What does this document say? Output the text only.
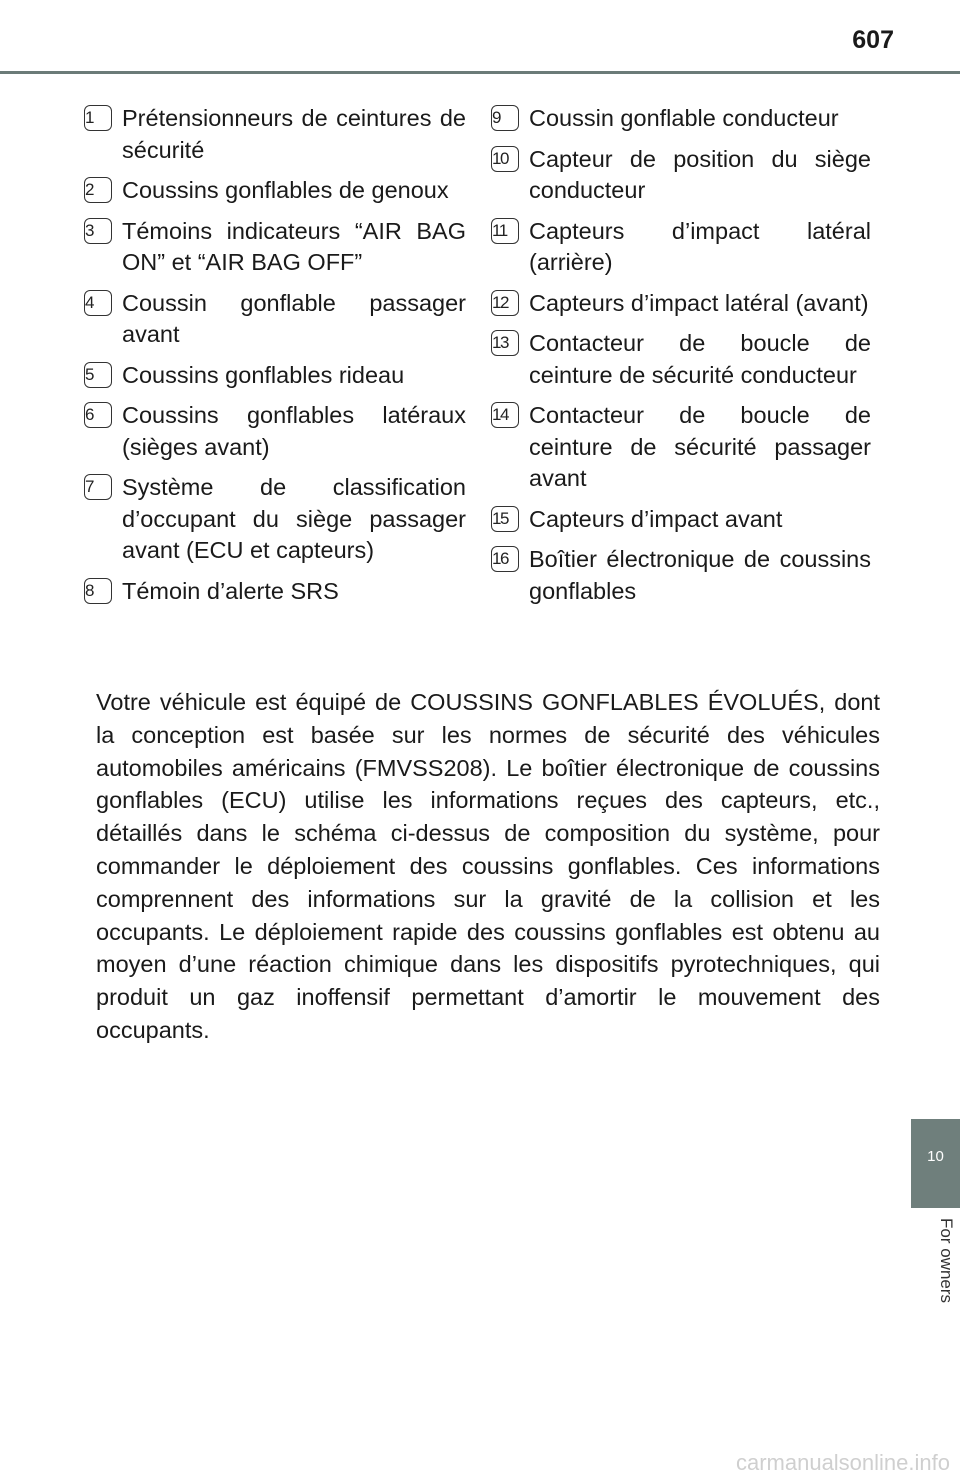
607
1	Prétensionneurs de ceintures de sécurité
2	Coussins gonflables de genoux
3	Témoins indicateurs “AIR BAG ON” et “AIR BAG OFF”
4	Coussin gonflable passager avant
5	Coussins gonflables rideau
6	Coussins gonflables latéraux (sièges avant)
7	Système de classification d’occupant du siège passager avant (ECU et capteurs)
8	Témoin d’alerte SRS
9	Coussin gonflable conducteur
10 Capteur de position du siège conducteur
11 Capteurs d’impact latéral (arrière)
12 Capteurs d’impact latéral (avant)
13 Contacteur de boucle de ceinture de sécurité conducteur
14 Contacteur de boucle de ceinture de sécurité passager avant
15 Capteurs d’impact avant
16 Boîtier électronique de coussins gonflables

Votre véhicule est équipé de COUSSINS GONFLABLES ÉVOLUÉS, dont la conception est basée sur les normes de sécurité des véhicules automobiles américains (FMVSS208). Le boîtier électronique de coussins gonflables (ECU) utilise les informations reçues des capteurs, etc., détaillés dans le schéma ci-dessus de composition du système, pour commander le déploiement des coussins gonflables. Ces informations comprennent des informations sur la gravité de la collision et les occupants. Le déploiement rapide des coussins gonflables est obtenu au moyen d’une réaction chimique dans les dispositifs pyrotechniques, qui produit un gaz inoffensif permettant d’amortir le mouvement des occupants.

10
For owners
carmanualsonline.info
